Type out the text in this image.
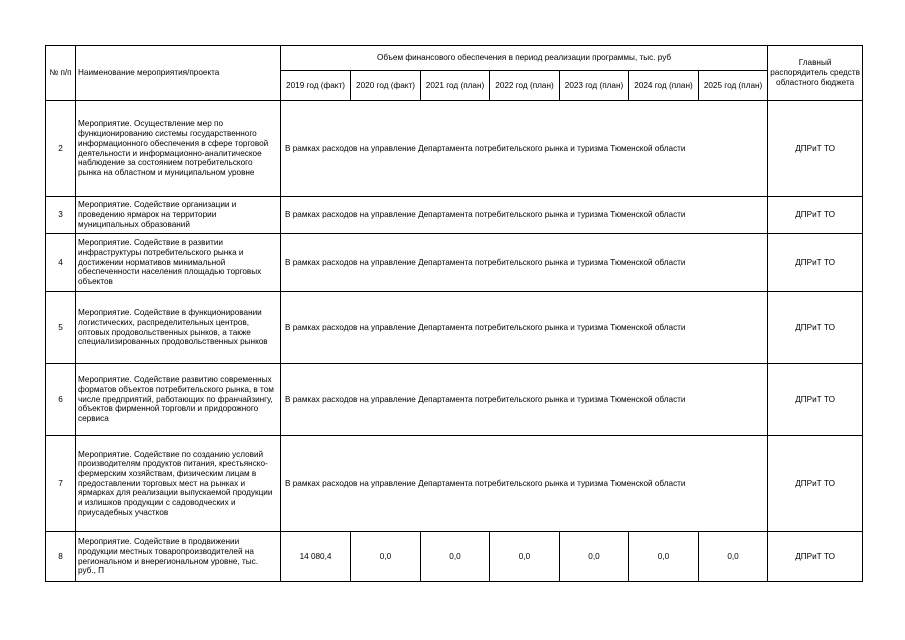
№ п/п	Наименование мероприятия/проекта	Объем финансового обеспечения в период реализации программы, тыс. руб							Главный распорядитель средств областного бюджета
		2019 год (факт)	2020 год (факт)	2021 год (план)	2022 год (план)	2023 год (план)	2024 год (план)	2025 год (план)	
2	Мероприятие. Осуществление мер по функционированию системы государственного информационного обеспечения в сфере торговой деятельности и информационно-аналитическое наблюдение за состоянием потребительского рынка на областном и муниципальном уровне	В рамках расходов на управление Департамента потребительского рынка и туризма Тюменской области							ДПРиТ ТО
3	Мероприятие. Содействие организации и проведению ярмарок на территории муниципальных образований	В рамках расходов на управление Департамента потребительского рынка и туризма Тюменской области							ДПРиТ ТО
4	Мероприятие. Содействие в развитии инфраструктуры потребительского рынка и достижении нормативов минимальной обеспеченности населения площадью торговых объектов	В рамках расходов на управление Департамента потребительского рынка и туризма Тюменской области							ДПРиТ ТО
5	Мероприятие. Содействие в функционировании логистических, распределительных центров, оптовых продовольственных рынков, а также специализированных продовольственных рынков	В рамках расходов на управление Департамента потребительского рынка и туризма Тюменской области							ДПРиТ ТО
6	Мероприятие. Содействие развитию современных форматов объектов потребительского рынка, в том числе предприятий, работающих по франчайзингу, объектов фирменной торговли и придорожного сервиса	В рамках расходов на управление Департамента потребительского рынка и туризма Тюменской области							ДПРиТ ТО
7	Мероприятие. Содействие по созданию условий производителям продуктов питания, крестьянско-фермерским хозяйствам, физическим лицам в предоставлении торговых мест на рынках и ярмарках для реализации выпускаемой продукции и излишков продукции с садоводческих и приусадебных участков	В рамках расходов на управление Департамента потребительского рынка и туризма Тюменской области							ДПРиТ ТО
8	Мероприятие. Содействие в продвижении продукции местных товаропроизводителей на региональном и внерегиональном уровне, тыс. руб., П	14 080,4	0,0	0,0	0,0	0,0	0,0	0,0	ДПРиТ ТО
